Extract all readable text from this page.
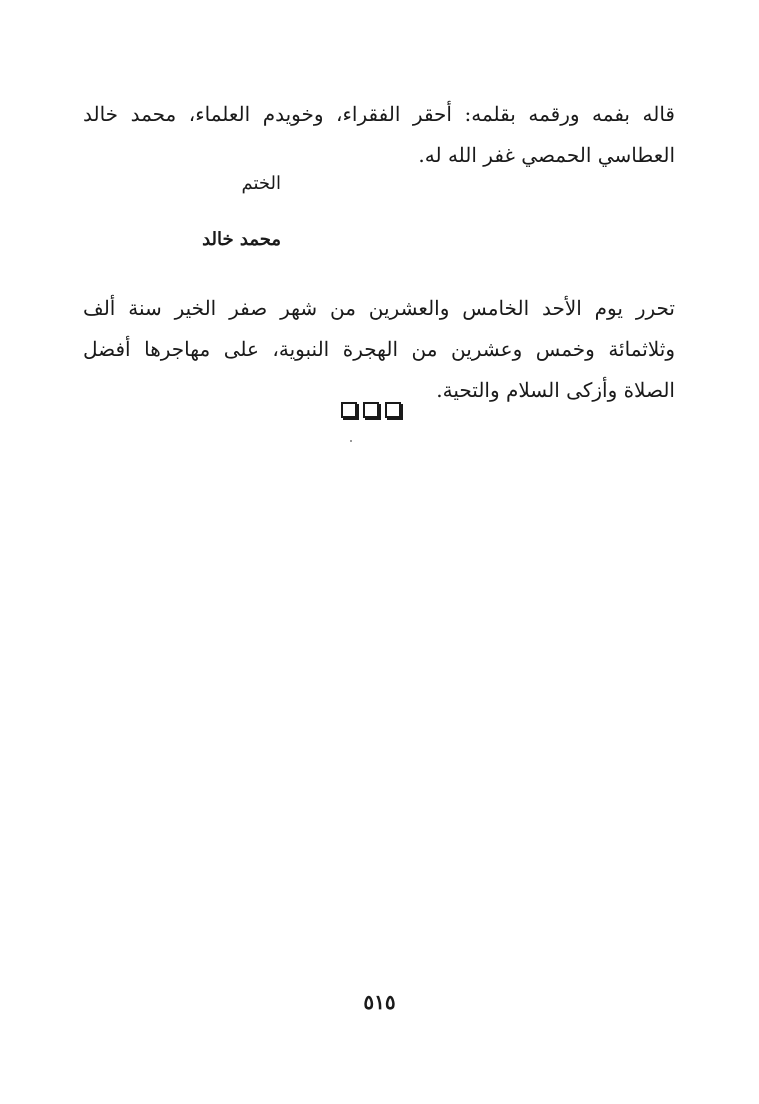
قاله بفمه ورقمه بقلمه: أحقر الفقراء، وخويدم العلماء، محمد خالد العطاسي الحمصي غفر الله له.

الختم
محمد خالد

تحرر يوم الأحد الخامس والعشرين من شهر صفر الخير سنة ألف وثلاثمائة وخمس وعشرين من الهجرة النبوية، على مهاجرها أفضل الصلاة وأزكى السلام والتحية.

٥١٥
